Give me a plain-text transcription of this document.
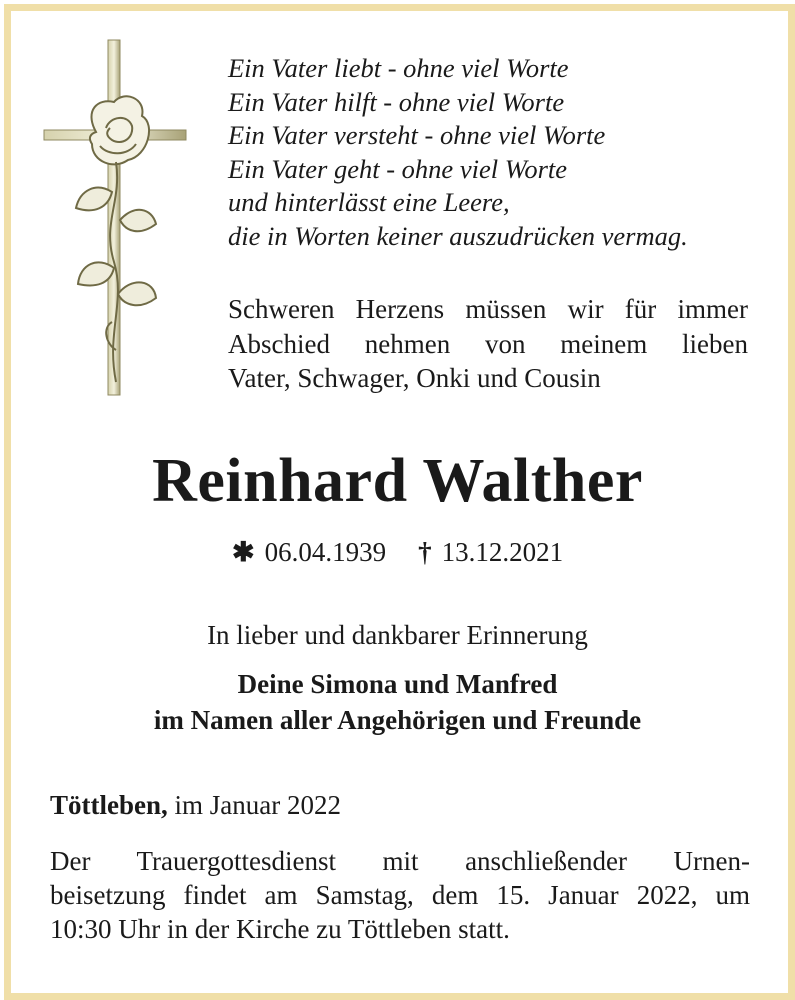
Ein Vater liebt - ohne viel Worte
Ein Vater hilft - ohne viel Worte
Ein Vater versteht - ohne viel Worte
Ein Vater geht - ohne viel Worte
und hinterlässt eine Leere,
die in Worten keiner auszudrücken vermag.
Schweren Herzens müssen wir für immer
Abschied nehmen von meinem lieben
Vater, Schwager, Onki und Cousin
Reinhard Walther
✱ 06.04.1939 † 13.12.2021
In lieber und dankbarer Erinnerung
Deine Simona und Manfred
im Namen aller Angehörigen und Freunde
Töttleben, im Januar 2022
Der Trauergottesdienst mit anschließender Urnen-
beisetzung findet am Samstag, dem 15. Januar 2022, um
10:30 Uhr in der Kirche zu Töttleben statt.
